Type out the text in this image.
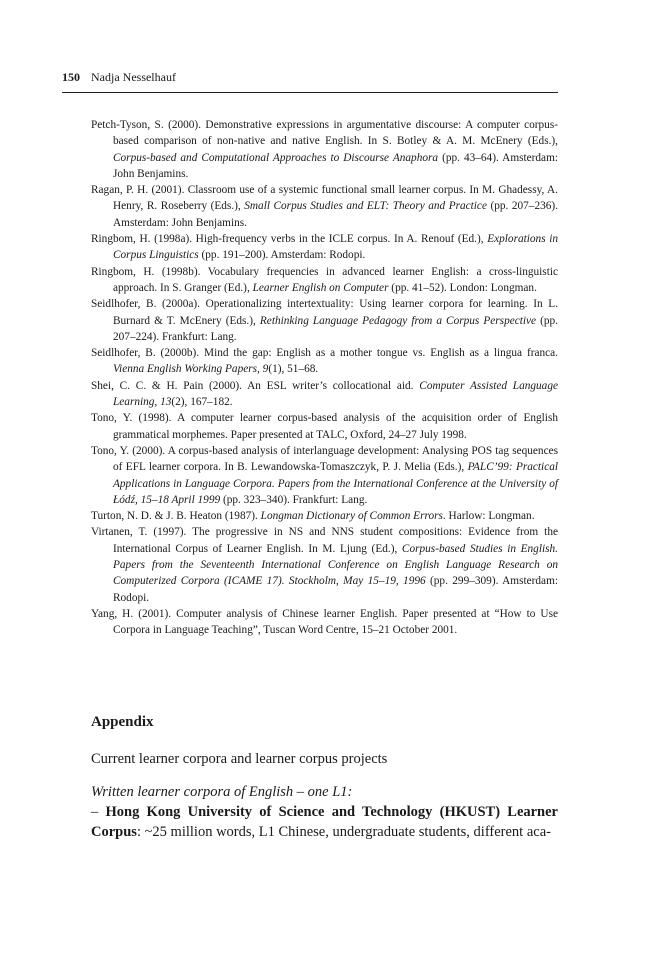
150 Nadja Nesselhauf

Petch-Tyson, S. (2000). Demonstrative expressions in argumentative discourse: A computer corpus-based comparison of non-native and native English. In S. Botley & A. M. McEnery (Eds.), Corpus-based and Computational Approaches to Discourse Anaphora (pp. 43–64). Amsterdam: John Benjamins.

Ragan, P. H. (2001). Classroom use of a systemic functional small learner corpus. In M. Ghadessy, A. Henry, R. Roseberry (Eds.), Small Corpus Studies and ELT: Theory and Practice (pp. 207–236). Amsterdam: John Benjamins.

Ringbom, H. (1998a). High-frequency verbs in the ICLE corpus. In A. Renouf (Ed.), Explorations in Corpus Linguistics (pp. 191–200). Amsterdam: Rodopi.

Ringbom, H. (1998b). Vocabulary frequencies in advanced learner English: a cross-linguistic approach. In S. Granger (Ed.), Learner English on Computer (pp. 41–52). London: Longman.

Seidlhofer, B. (2000a). Operationalizing intertextuality: Using learner corpora for learning. In L. Burnard & T. McEnery (Eds.), Rethinking Language Pedagogy from a Corpus Perspective (pp. 207–224). Frankfurt: Lang.

Seidlhofer, B. (2000b). Mind the gap: English as a mother tongue vs. English as a lingua franca. Vienna English Working Papers, 9(1), 51–68.

Shei, C. C. & H. Pain (2000). An ESL writer’s collocational aid. Computer Assisted Language Learning, 13(2), 167–182.

Tono, Y. (1998). A computer learner corpus-based analysis of the acquisition order of English grammatical morphemes. Paper presented at TALC, Oxford, 24–27 July 1998.

Tono, Y. (2000). A corpus-based analysis of interlanguage development: Analysing POS tag sequences of EFL learner corpora. In B. Lewandowska-Tomaszczyk, P. J. Melia (Eds.), PALC’99: Practical Applications in Language Corpora. Papers from the International Conference at the University of Łódź, 15–18 April 1999 (pp. 323–340). Frankfurt: Lang.

Turton, N. D. & J. B. Heaton (1987). Longman Dictionary of Common Errors. Harlow: Longman.

Virtanen, T. (1997). The progressive in NS and NNS student compositions: Evidence from the International Corpus of Learner English. In M. Ljung (Ed.), Corpus-based Studies in English. Papers from the Seventeenth International Conference on English Language Research on Computerized Corpora (ICAME 17). Stockholm, May 15–19, 1996 (pp. 299–309). Amsterdam: Rodopi.

Yang, H. (2001). Computer analysis of Chinese learner English. Paper presented at “How to Use Corpora in Language Teaching”, Tuscan Word Centre, 15–21 October 2001.

Appendix

Current learner corpora and learner corpus projects

Written learner corpora of English – one L1:

– Hong Kong University of Science and Technology (HKUST) Learner Corpus: ~25 million words, L1 Chinese, undergraduate students, different aca-
